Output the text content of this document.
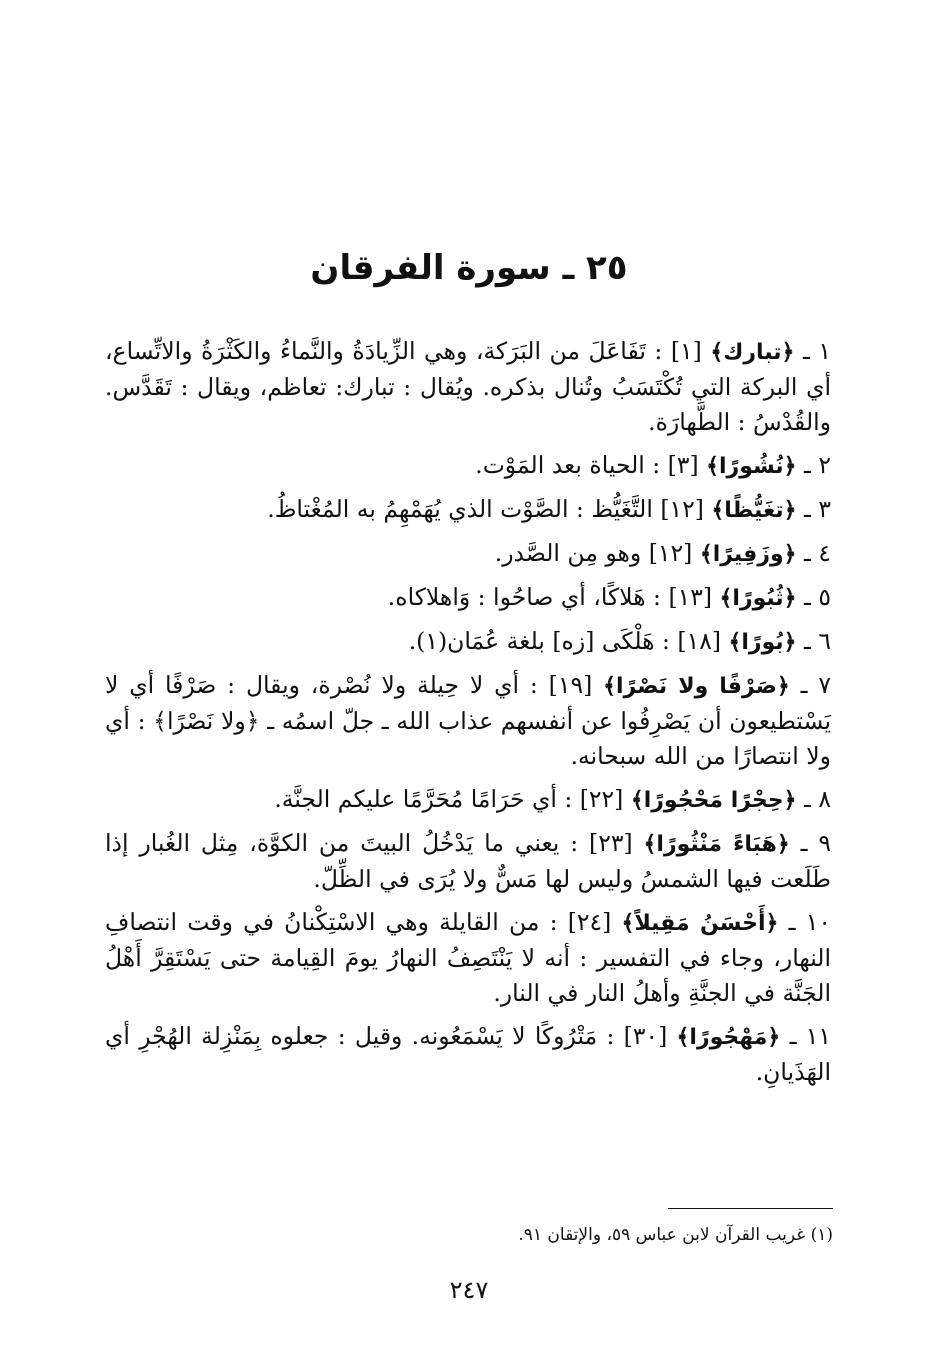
٢٥ ـ سورة الفرقان

١ ـ ﴿تبارك﴾ [١] : تَفَاعَلَ من البَرَكة، وهي الزِّيادَةُ والنَّماءُ والكَثْرَةُ والاتِّساع، أي البركة التي تُكْتَسَبُ وتُنال بذكره. ويُقال : تبارك: تعاظم، ويقال : تَقَدَّس. والقُدْسُ : الطَّهارَة.

٢ ـ ﴿نُشُورًا﴾ [٣] : الحياة بعد المَوْت.

٣ ـ ﴿تغَيُّظًا﴾ [١٢] التَّغَيُّظ : الصَّوْت الذي يُهَمْهِمُ به المُغْتاظُ.

٤ ـ ﴿وزَفِيرًا﴾ [١٢] وهو مِن الصَّدر.

٥ ـ ﴿ثُبُورًا﴾ [١٣] : هَلاكًا، أي صاحُوا : وَاهلاكاه.

٦ ـ ﴿بُورًا﴾ [١٨] : هَلْكَى [زه] بلغة عُمَان(١).

٧ ـ ﴿صَرْفًا ولا نَصْرًا﴾ [١٩] : أي لا حِيلة ولا نُصْرة، ويقال : صَرْفًا أي لا يَسْتطيعون أن يَصْرِفُوا عن أنفسهم عذاب الله ـ جلّ اسمُه ـ ﴿ولا نَصْرًا﴾ : أي ولا انتصارًا من الله سبحانه.

٨ ـ ﴿حِجْرًا مَحْجُورًا﴾ [٢٢] : أي حَرَامًا مُحَرَّمًا عليكم الجنَّة.

٩ ـ ﴿هَبَاءً مَنْثُورًا﴾ [٢٣] : يعني ما يَدْخُلُ البيتَ من الكوَّة، مِثل الغُبار إذا طَلَعت فيها الشمسُ وليس لها مَسٌّ ولا يُرَى في الظِّلّ.

١٠ ـ ﴿أَحْسَنُ مَقِيلاً﴾ [٢٤] : من القايلة وهي الاسْتِكْنانُ في وقت انتصافِ النهار، وجاء في التفسير : أنه لا يَنْتَصِفُ النهارُ يومَ القِيامة حتى يَسْتَقِرَّ أَهْلُ الجَنَّة في الجنَّةِ وأهلُ النار في النار.

١١ ـ ﴿مَهْجُورًا﴾ [٣٠] : مَتْرُوكًا لا يَسْمَعُونه. وقيل : جعلوه بِمَنْزِلة الهُجْرِ أي الهَذَيانِ.

(١) غريب القرآن لابن عباس ٥٩، والإتقان ٩١.
٢٤٧
